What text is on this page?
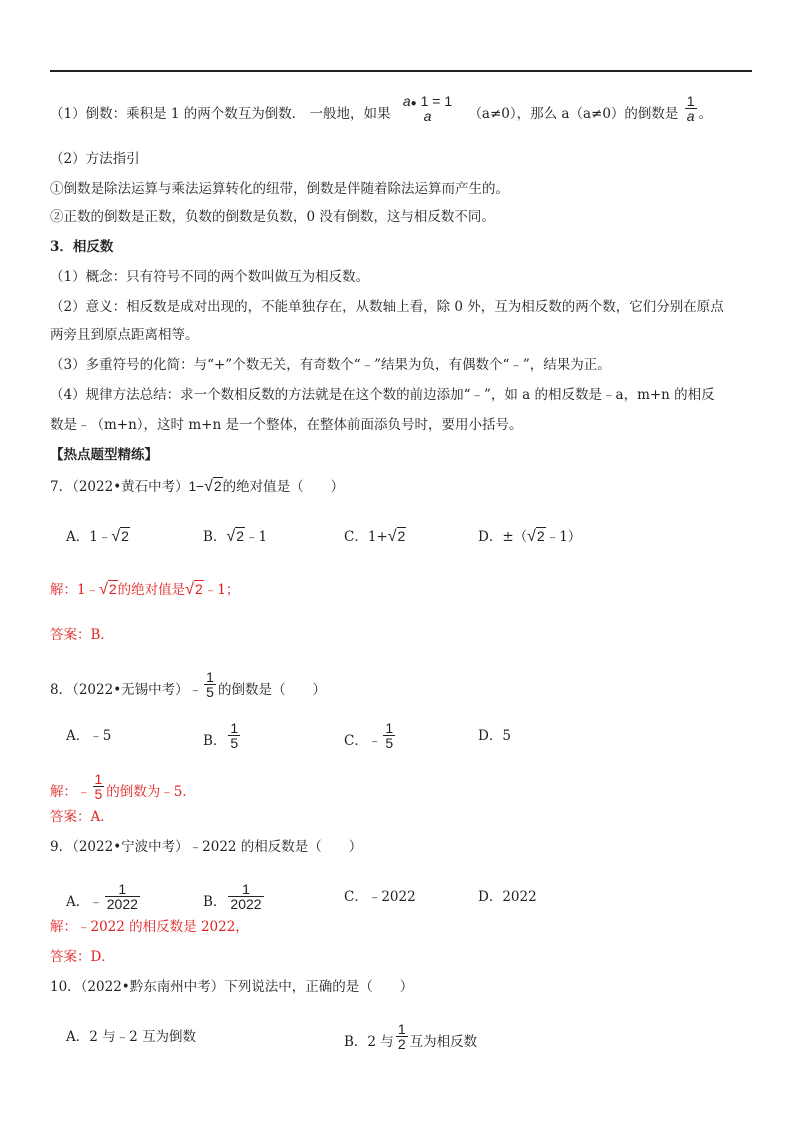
（1）倒数：乘积是 1 的两个数互为倒数． 一般地，如果
a● 1 = 1
a	（a≠0），那么 a（a≠0）的倒数是 $\frac{1}{a}$ 。
（2）方法指引
①倒数是除法运算与乘法运算转化的纽带，倒数是伴随着除法运算而产生的。
②正数的倒数是正数，负数的倒数是负数，0 没有倒数，这与相反数不同。
3．相反数
（1）概念：只有符号不同的两个数叫做互为相反数。
（2）意义：相反数是成对出现的，不能单独存在，从数轴上看，除 0 外，互为相反数的两个数，它们分别在原点
两旁且到原点距离相等。
（3）多重符号的化简：与“+”个数无关，有奇数个“﹣”结果为负，有偶数个“﹣”，结果为正。
（4）规律方法总结：求一个数相反数的方法就是在这个数的前边添加“﹣”，如 a 的相反数是﹣a，m+n 的相反
数是﹣（m+n），这时 m+n 是一个整体，在整体前面添负号时，要用小括号。
【热点题型精练】
7．（2022•黄石中考）1−√2的绝对值是（　　）
A．1﹣√2	B．√2﹣1	C．1+√2	D．±（√2﹣1）
解：1﹣√2的绝对值是√2﹣1；
答案：B．
8．（2022•无锡中考）﹣ $\frac{1}{5}$ 的倒数是（　　）
A．﹣5	B． $\frac{1}{5}$	C．﹣ $\frac{1}{5}$	D．5
解：﹣ $\frac{1}{5}$ 的倒数为﹣5．
答案：A．
9．（2022•宁波中考）﹣2022 的相反数是（　　）
A．﹣ $\frac{1}{2022}$	B． $\frac{1}{2022}$	C．﹣2022	D．2022
解：﹣2022 的相反数是 2022，
答案：D．
10．（2022•黔东南州中考）下列说法中，正确的是（　　）
A．2 与﹣2 互为倒数	B．2 与 $\frac{1}{2}$ 互为相反数
